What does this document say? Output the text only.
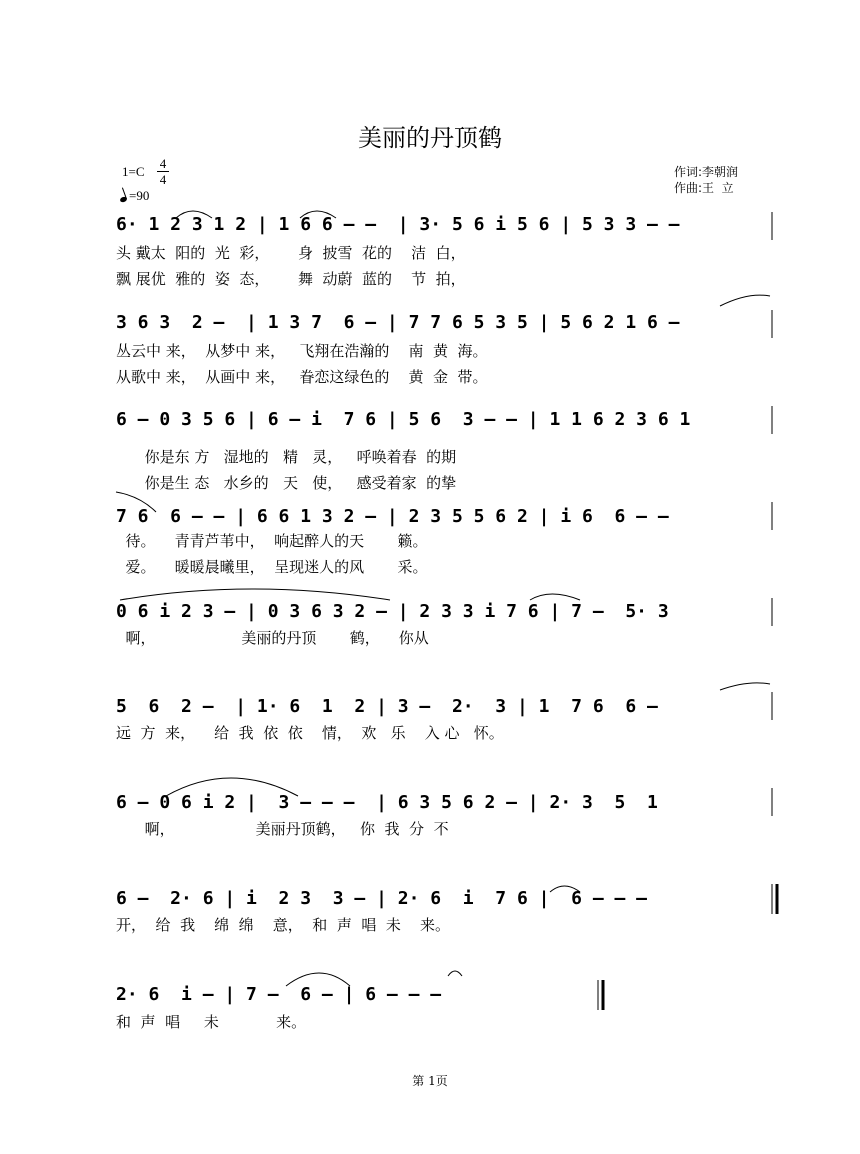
美丽的丹顶鹤
1=C
4
4
=90
作词:李朝润
作曲:王  立
6· 1 2 3 1 2 | 1 6 6 – –  | 3· 5 6 i 5 6 | 5 3 3 – –
头 戴太  阳的  光  彩，      身  披雪  花的    洁  白，
飘 展优  雅的  姿  态，      舞  动蔚  蓝的    节  拍，
3 6 3  2 –  | 1 3 7  6 – | 7 7 6 5 3 5 | 5 6 2 1 6 –
丛云中 来，  从梦中 来，   飞翔在浩瀚的    南  黄  海。
从歌中 来，  从画中 来，   眷恋这绿色的    黄  金  带。
6 – 0 3 5 6 | 6 – i  7 6 | 5 6  3 – – | 1 1 6 2 3 6 1
你是东 方   湿地的   精   灵，   呼唤着春  的期
你是生 态   水乡的   天   使，   感受着家  的挚
7 6  6 – – | 6 6 1 3 2 – | 2 3 5 5 6 2 | i 6  6 – –
待。    青青芦苇中，  响起醉人的天       籁。
爱。    暖暖晨曦里，  呈现迷人的风       采。
0 6 i 2 3 – | 0 3 6 3 2 – | 2 3 3 i 7 6 | 7 –  5· 3
啊，                  美丽的丹顶       鹤，    你从
5  6  2 –  | 1· 6  1  2 | 3 –  2·  3 | 1  7 6  6 –
远  方  来，    给  我  依  依    情，  欢   乐    入 心   怀。
6 – 0 6 i 2 |  3 – – –  | 6 3 5 6 2 – | 2· 3  5  1
啊，                 美丽丹顶鹤，   你  我  分  不
6 –  2· 6 | i  2 3  3 – | 2· 6  i  7 6 |  6 – – –
开，  给  我    绵  绵    意，  和  声  唱  未    来。
2· 6  i – | 7 –  6 – | 6 – – –
和  声  唱     未            来。
第 1页
